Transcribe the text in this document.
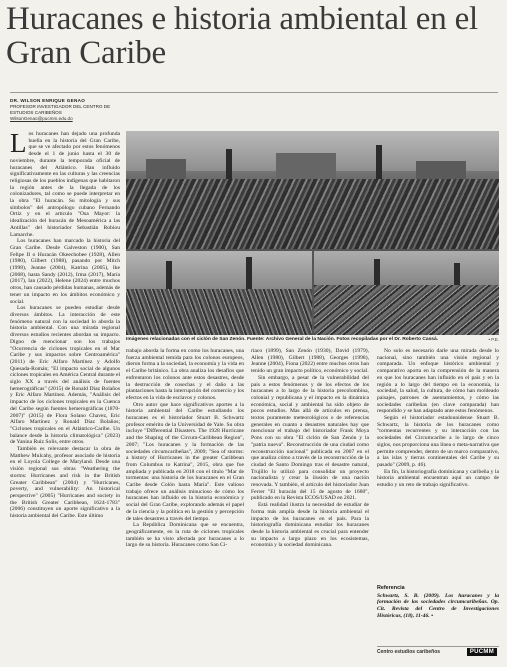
Huracanes e historia ambiental en el Gran Caribe
DR. WILSON ENRIQUE GENAO
PROFESOR INVESTIGADOR DEL CENTRO DE ESTUDIOS CARIBEÑOS
WilsonGenao@pucmm.edu.do

Los huracanes han dejado una profunda huella en la historia del Gran Caribe, que se ve afectado por estos fenómenos desde el 1 de junio hasta el 30 de noviembre, durante la temporada oficial de huracanes del Atlántico. Han influido significativamente en las culturas y las creencias religiosas de los pueblos indígenas que habitaron la región antes de la llegada de los colonizadores, tal como se puede interpretar en la obra "El huracán. Su mitología y sus símbolos" del antropólogo cubano Fernando Ortiz y en el artículo "Osa Mayor: la idealización del huracán de Mesoamérica a las Antillas" del historiador Sebastián Robiou Lamarche.

Los huracanes han marcado la historia del Gran Caribe. Desde Galveston (1900), San Felipe II o Huracán Okeechobee (1928), Allen (1980), Gilbert (1988), pasando por Mitch (1998), Jeanne (2004), Katrina (2005), Ike (2008), hasta Sandy (2012), Irma (2017), María (2017), Ian (2022), Helene (2024) entre muchos otros, han causado pérdidas humanas, además de tener un impacto en los ámbitos económico y social.

Los huracanes se pueden estudiar desde diversos ámbitos. La interacción de este fenómeno natural con la sociedad lo aborda la historia ambiental. Con una mirada regional diversos estudios recientes abordan su impacto. Digno de mencionar son los trabajos "Ocurrencia de ciclones tropicales en el Mar Caribe y sus impactos sobre Centroamérica" (2011) de Eric Alfaro Martínez y Adolfo Quesada-Román; "El impacto social de algunos ciclones tropicales en América Central durante el siglo XX a través del análisis de fuentes hemerográficas" (2015) de Ronald Díaz Bolaños y Eric Alfaro Martínez. Además, "Análisis del impacto de los ciclones tropicales en la Cuenca del Caribe según fuentes hemerográficas (1870-2007)" (2015) de Flora Solano Chavez, Eric Alfaro Martínez y Ronald Díaz Bolaños; "Ciclones tropicales en el Atlántico-Caribe. Un balance desde la historia climatológica" (2023) de Yanina Ruiz Solis, entre otros.

También es relevante destacar la obra de Matthew Mulcahy, profesor asociado de historia en el Loyola College de Maryland. Desde una visión regional sus obras "Weathering the storms: Hurricanes and risk in the British Greater Caribbean" (2004) y "Hurricanes, poverty, and vulnerability: An historical perspective" (2005) "Hurricanes and society in the British Greater Caribbean, 1624-1783" (2006) constituyen un aporte significativo a la historia ambiental del Caribe. Este último

• P.E.
Imágenes relacionadas con el ciclón de San Zenón. Fuente: Archivo General de la Nación. Fotos recopiladas por el Dr. Roberto Cassá.

trabajo aborda la forma en como los huracanes, una fuerza ambiental temida para los colonos europeos, dieron forma a la sociedad, la economía y la vida en el Caribe británico. La obra analiza los desafíos que enfrentaron los colonos ante estos desastres, desde la destrucción de cosechas y el daño a las plantaciones hasta la interrupción del comercio y los efectos en la vida de esclavos y colonos.

Otro autor que hace significativos aportes a la historia ambiental del Caribe estudiando los huracanes es el historiador Stuart B. Schwartz profesor emérito de la Universidad de Yale. Su obra incluye "Differential Disasters. The 1928 Hurricane and the Shaping of the Circum-Caribbean Region", 2007; "Los huracanes y la formación de las sociedades circumcaribeñas", 2009; "Sea of storms: a history of Hurricanes in the greater Caribbean from Columbus to Katrina", 2015, obra que fue ampliada y publicada en 2018 con el título "Mar de tormentas: una historia de los huracanes en el Gran Caribe desde Colón hasta María". Este valioso trabajo ofrece un análisis minucioso de cómo los huracanes han influido en la historia económica y social del Gran Caribe, explorando además el papel de la ciencia y la política en la gestión y percepción de tales desastres a través del tiempo.

La República Dominicana que se encuentra, geográficamente, en la ruta de ciclones tropicales también se ha visto afectada por huracanes a lo largo de su historia. Huracanes como San Ci-

riaco (1899), San Zenón (1930), David (1979), Allen (1980), Gilbert (1988), Georges (1998), Jeanne (2004), Fiona (2022) entre muchos otros han tenido un gran impacto político, económico y social.

Sin embargo, a pesar de la vulnerabilidad del país a estos fenómenos y de los efectos de los huracanes a lo largo de la historia precolombina, colonial y republicana y el impacto en la dinámica económica, social y ambiental ha sido objeto de pocos estudios. Mas allá de artículos en prensa, textos puramente meteorológicos o de referencias generales en cuanto a desastres naturales hay que mencionar el trabajo del historiador Frank Moya Pons con su obra "El ciclón de San Zenón y la "patria nueva". Reconstrucción de una ciudad como reconstrucción nacional" publicada en 2007 en el que analiza cómo a través de la reconstrucción de la ciudad de Santo Domingo tras el desastre natural, Trujillo lo utilizó para consolidar un proyecto nacionalista y crear la ilusión de una nación renovada. Y también, el artículo del historiador Juan Ferrer "El huracán del 15 de agosto de 1680", publicado en la Revista ECOS/USAD en 2021.

Está realidad ilustra la necesidad de estudiar de forma más amplia desde la historia ambiental el impacto de los huracanes en el país. Para la historiografía dominicana estudiar los huracanes desde la historia ambiental es crucial para entender su impacto a largo plazo en los ecosistemas, economía y la sociedad dominicana.

No solo es necesario darle una mirada desde lo nacional, sino también una visión regional y comparada. Un enfoque histórico ambiental y comparativo aporta en la comprensión de la manera en que los huracanes han influido en el país y en la región a lo largo del tiempo en la economía, la sociedad, la salud, la cultura, de cómo han moldeado paisajes, patrones de asentamientos, y cómo las sociedades caribeñas (en clave comparada) han respondido y se han adaptado ante estos fenómenos.

Según el historiador estadounidense Stuart B. Schwartz, la historia de los huracanes como "tormentas recurrentes y su interacción con las sociedades del Circumcaribe a lo largo de cinco siglos, nos proporciona una línea o meta-narrativa que permite comprender, dentro de un marco comparativo, a las islas y tierras continentales del Caribe y su pasado" (2009, p. 46).

En fin, la historiografía dominicana y caribeña y la historia ambiental encuentran aquí un campo de estudio y un reto de trabajo significativo.

Referencia
Schwartz, S. B. (2009). Los huracanes y la formación de las sociedades circumcaribeñas. Op. Cit. Revista del Centro de Investigaciones Históricas, (18), 11-46. •
Centro estudios caribeños	PUCMM
